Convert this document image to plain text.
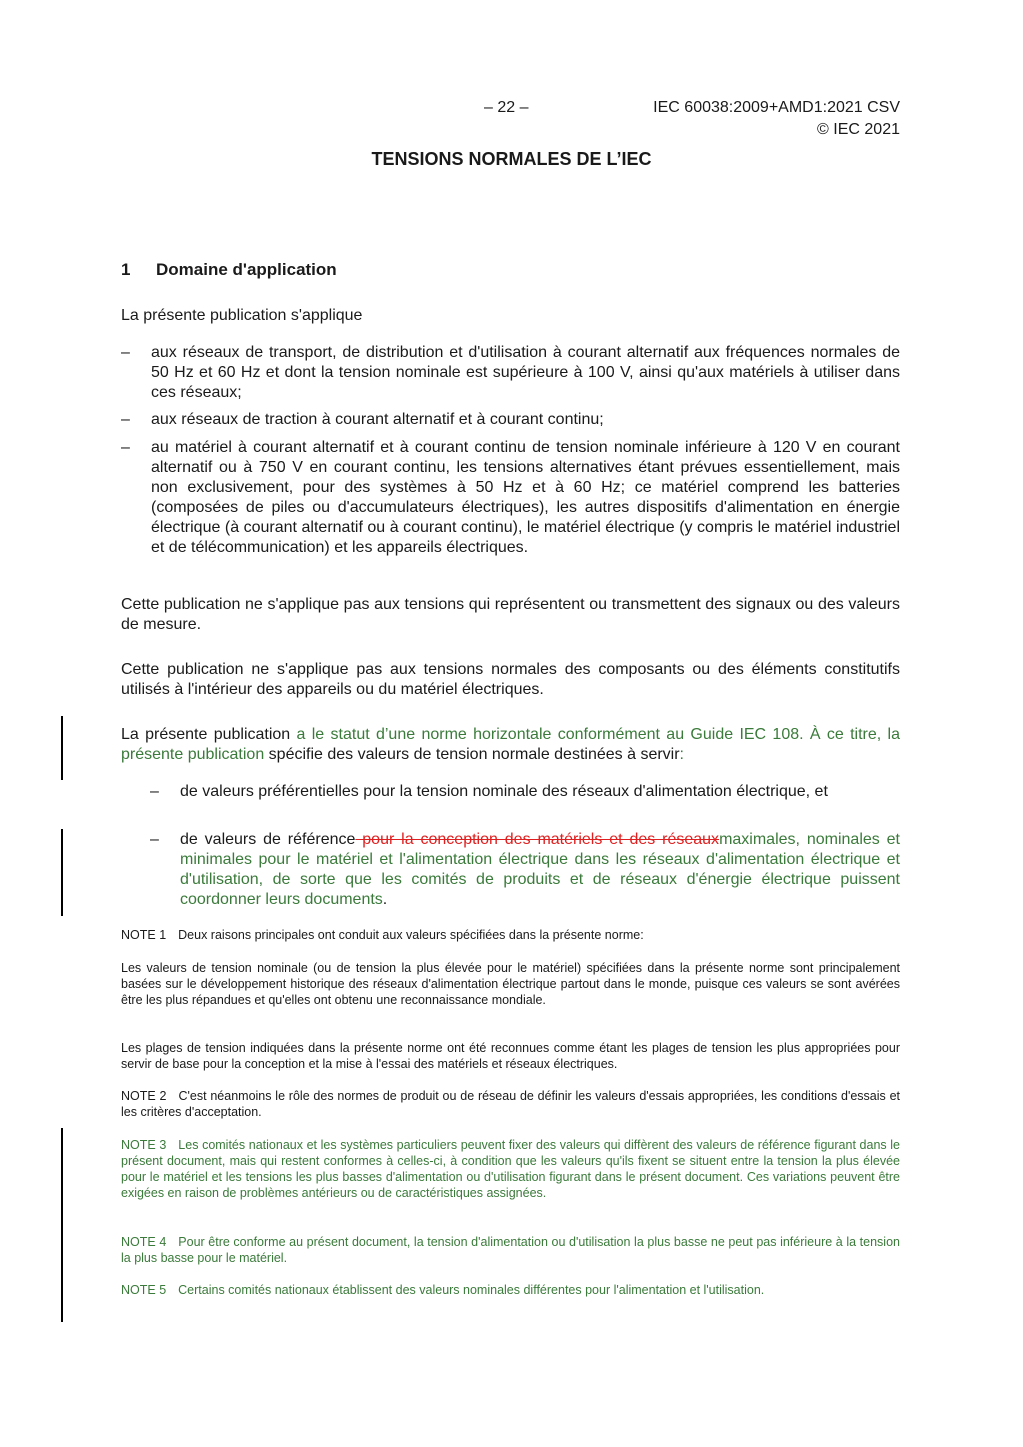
– 22 –	IEC 60038:2009+AMD1:2021 CSV
© IEC 2021
TENSIONS NORMALES DE L’IEC
1 Domaine d'application
La présente publication s'applique
– aux réseaux de transport, de distribution et d'utilisation à courant alternatif aux fréquences normales de 50 Hz et 60 Hz et dont la tension nominale est supérieure à 100 V, ainsi qu'aux matériels à utiliser dans ces réseaux;
– aux réseaux de traction à courant alternatif et à courant continu;
– au matériel à courant alternatif et à courant continu de tension nominale inférieure à 120 V en courant alternatif ou à 750 V en courant continu, les tensions alternatives étant prévues essentiellement, mais non exclusivement, pour des systèmes à 50 Hz et à 60 Hz; ce matériel comprend les batteries (composées de piles ou d'accumulateurs électriques), les autres dispositifs d'alimentation en énergie électrique (à courant alternatif ou à courant continu), le matériel électrique (y compris le matériel industriel et de télécommunication) et les appareils électriques.
Cette publication ne s'applique pas aux tensions qui représentent ou transmettent des signaux ou des valeurs de mesure.
Cette publication ne s'applique pas aux tensions normales des composants ou des éléments constitutifs utilisés à l'intérieur des appareils ou du matériel électriques.
La présente publication a le statut d’une norme horizontale conformément au Guide IEC 108. À ce titre, la présente publication spécifie des valeurs de tension normale destinées à servir:
– de valeurs préférentielles pour la tension nominale des réseaux d'alimentation électrique, et
– de valeurs de référence pour la conception des matériels et des réseauxmaximales, nominales et minimales pour le matériel et l'alimentation électrique dans les réseaux d'alimentation électrique et d'utilisation, de sorte que les comités de produits et de réseaux d'énergie électrique puissent coordonner leurs documents.
NOTE 1 Deux raisons principales ont conduit aux valeurs spécifiées dans la présente norme:
Les valeurs de tension nominale (ou de tension la plus élevée pour le matériel) spécifiées dans la présente norme sont principalement basées sur le développement historique des réseaux d'alimentation électrique partout dans le monde, puisque ces valeurs se sont avérées être les plus répandues et qu'elles ont obtenu une reconnaissance mondiale.
Les plages de tension indiquées dans la présente norme ont été reconnues comme étant les plages de tension les plus appropriées pour servir de base pour la conception et la mise à l'essai des matériels et réseaux électriques.
NOTE 2 C'est néanmoins le rôle des normes de produit ou de réseau de définir les valeurs d'essais appropriées, les conditions d'essais et les critères d'acceptation.
NOTE 3 Les comités nationaux et les systèmes particuliers peuvent fixer des valeurs qui diffèrent des valeurs de référence figurant dans le présent document, mais qui restent conformes à celles-ci, à condition que les valeurs qu'ils fixent se situent entre la tension la plus élevée pour le matériel et les tensions les plus basses d'alimentation ou d'utilisation figurant dans le présent document. Ces variations peuvent être exigées en raison de problèmes antérieurs ou de caractéristiques assignées.
NOTE 4 Pour être conforme au présent document, la tension d'alimentation ou d'utilisation la plus basse ne peut pas inférieure à la tension la plus basse pour le matériel.
NOTE 5 Certains comités nationaux établissent des valeurs nominales différentes pour l'alimentation et l'utilisation.
